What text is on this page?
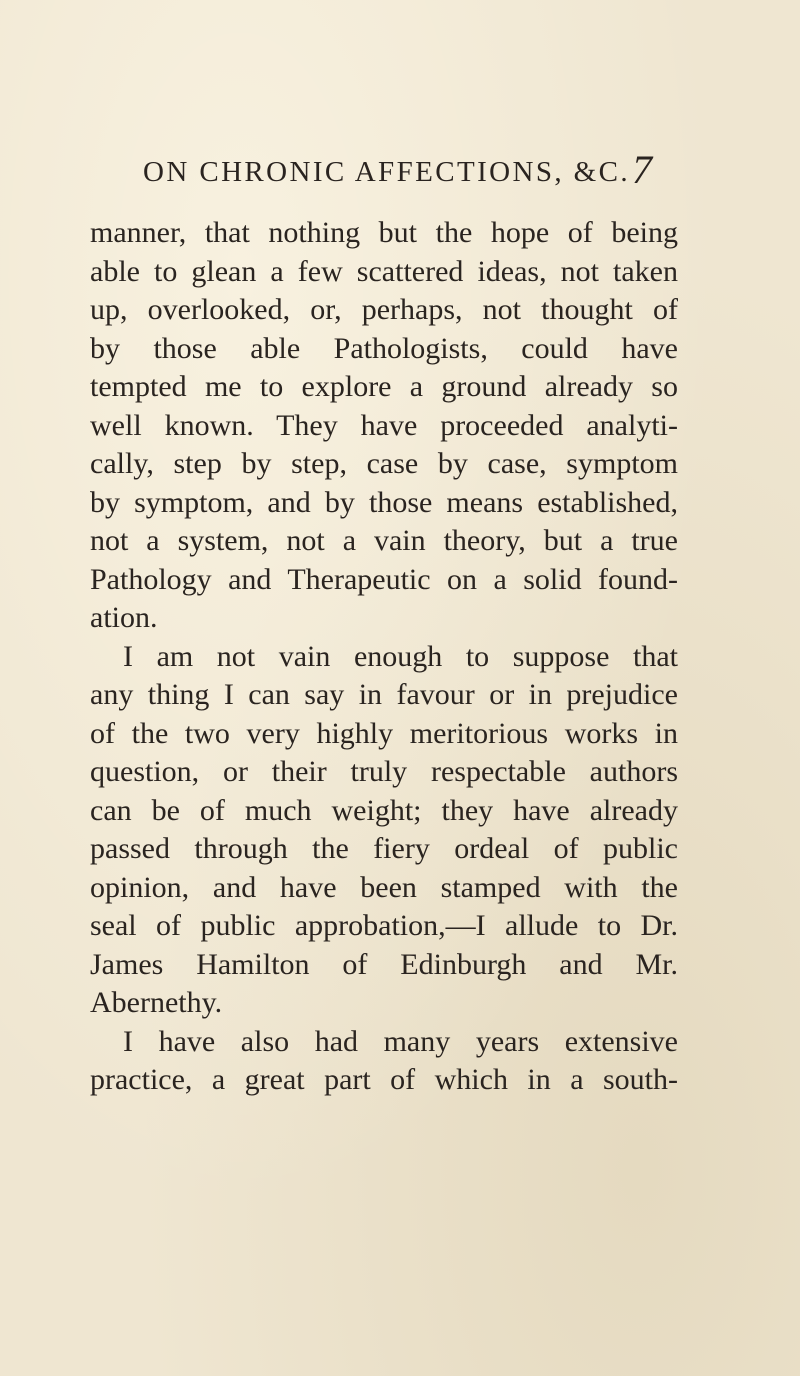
ON CHRONIC AFFECTIONS, &C. 7
manner, that nothing but the hope of being
able to glean a few scattered ideas, not taken
up, overlooked, or, perhaps, not thought of
by those able Pathologists, could have
tempted me to explore a ground already so
well known. They have proceeded analyti-
cally, step by step, case by case, symptom
by symptom, and by those means established,
not a system, not a vain theory, but a true
Pathology and Therapeutic on a solid found-
ation.
I am not vain enough to suppose that
any thing I can say in favour or in prejudice
of the two very highly meritorious works in
question, or their truly respectable authors
can be of much weight; they have already
passed through the fiery ordeal of public
opinion, and have been stamped with the
seal of public approbation,—I allude to Dr.
James Hamilton of Edinburgh and Mr.
Abernethy.
I have also had many years extensive
practice, a great part of which in a south-
